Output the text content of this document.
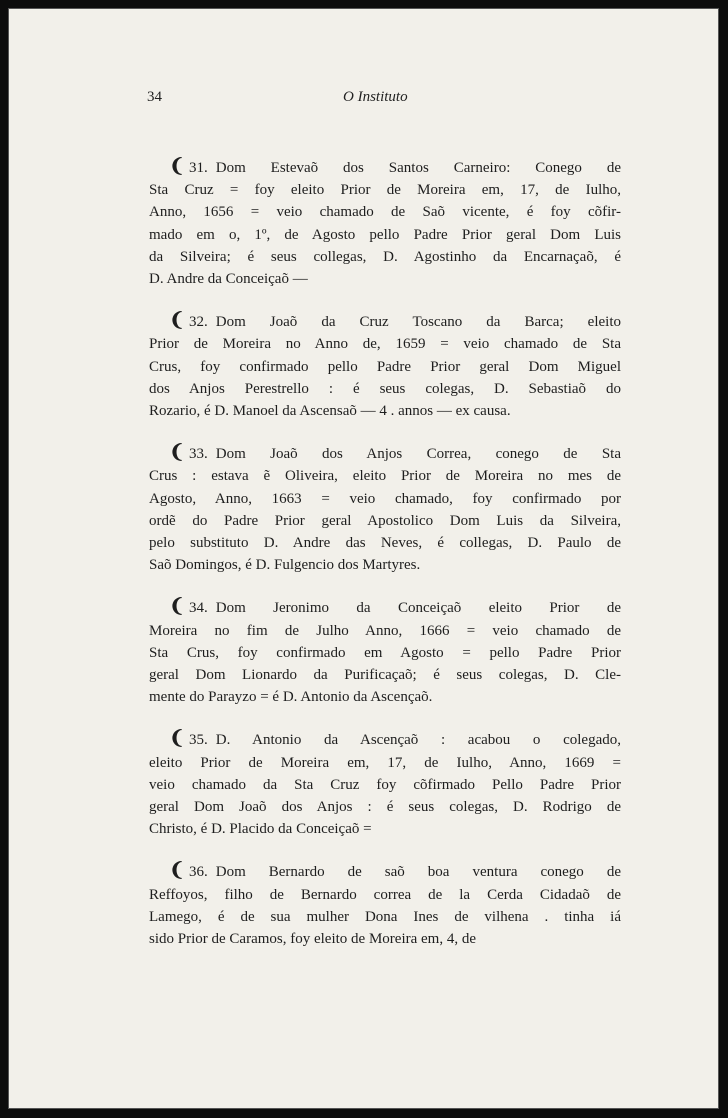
34	O Instituto

❨ 31. Dom Estevaõ dos Santos Carneiro: Conego de
Sta Cruz = foy eleito Prior de Moreira em, 17, de Iulho,
Anno, 1656 = veio chamado de Saõ vicente, é foy cõfir-
mado em o, 1º, de Agosto pello Padre Prior geral Dom Luis
da Silveira; é seus collegas, D. Agostinho da Encarnaçaõ, é
D. Andre da Conceiçaõ —

❨ 32. Dom Joaõ da Cruz Toscano da Barca; eleito
Prior de Moreira no Anno de, 1659 = veio chamado de Sta
Crus, foy confirmado pello Padre Prior geral Dom Miguel
dos Anjos Perestrello : é seus colegas, D. Sebastiaõ do
Rozario, é D. Manoel da Ascensaõ — 4 . annos — ex causa.

❨ 33. Dom Joaõ dos Anjos Correa, conego de Sta
Crus : estava ẽ Oliveira, eleito Prior de Moreira no mes de
Agosto, Anno, 1663 = veio chamado, foy confirmado por
ordẽ do Padre Prior geral Apostolico Dom Luis da Silveira,
pelo substituto D. Andre das Neves, é collegas, D. Paulo de
Saõ Domingos, é D. Fulgencio dos Martyres.

❨ 34. Dom Jeronimo da Conceiçaõ eleito Prior de
Moreira no fim de Julho Anno, 1666 = veio chamado de
Sta Crus, foy confirmado em Agosto = pello Padre Prior
geral Dom Lionardo da Purificaçaõ; é seus colegas, D. Cle-
mente do Parayzo = é D. Antonio da Ascençaõ.

❨ 35. D. Antonio da Ascençaõ : acabou o colegado,
eleito Prior de Moreira em, 17, de Iulho, Anno, 1669 =
veio chamado da Sta Cruz foy cõfirmado Pello Padre Prior
geral Dom Joaõ dos Anjos : é seus colegas, D. Rodrigo de
Christo, é D. Placido da Conceiçaõ =

❨ 36. Dom Bernardo de saõ boa ventura conego de
Reffoyos, filho de Bernardo correa de la Cerda Cidadaõ de
Lamego, é de sua mulher Dona Ines de vilhena . tinha iá
sido Prior de Caramos, foy eleito de Moreira em, 4, de
